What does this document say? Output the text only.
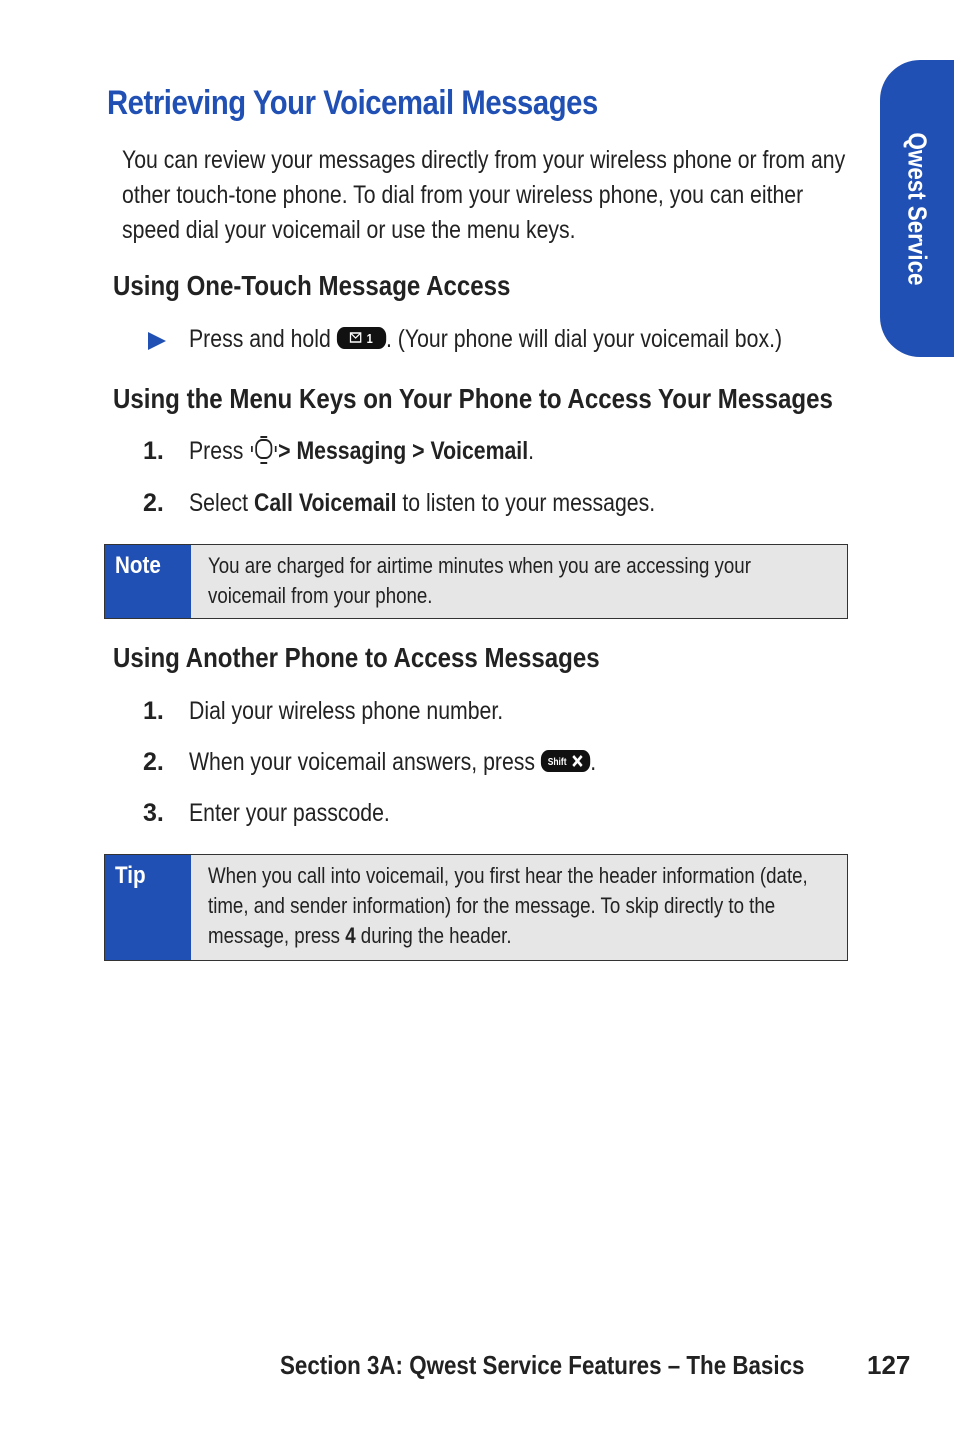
Retrieving Your Voicemail Messages
You can review your messages directly from your wireless phone or from any
other touch-tone phone. To dial from your wireless phone, you can either
speed dial your voicemail or use the menu keys.
Using One-Touch Message Access
Press and hold	1 . (Your phone will dial your voicemail box.)
Using the Menu Keys on Your Phone to Access Your Messages
1. Press > Messaging > Voicemail.
2. Select Call Voicemail to listen to your messages.
Note You are charged for airtime minutes when you are accessing your
voicemail from your phone.
Using Another Phone to Access Messages
1. Dial your wireless phone number.
2. When your voicemail answers, press Shift .
3. Enter your passcode.
Tip	When you call into voicemail, you first hear the header information (date,
time, and sender information) for the message. To skip directly to the
message, press 4 during the header.
Qwest Service
Section 3A: Qwest Service Features – The Basics 127
